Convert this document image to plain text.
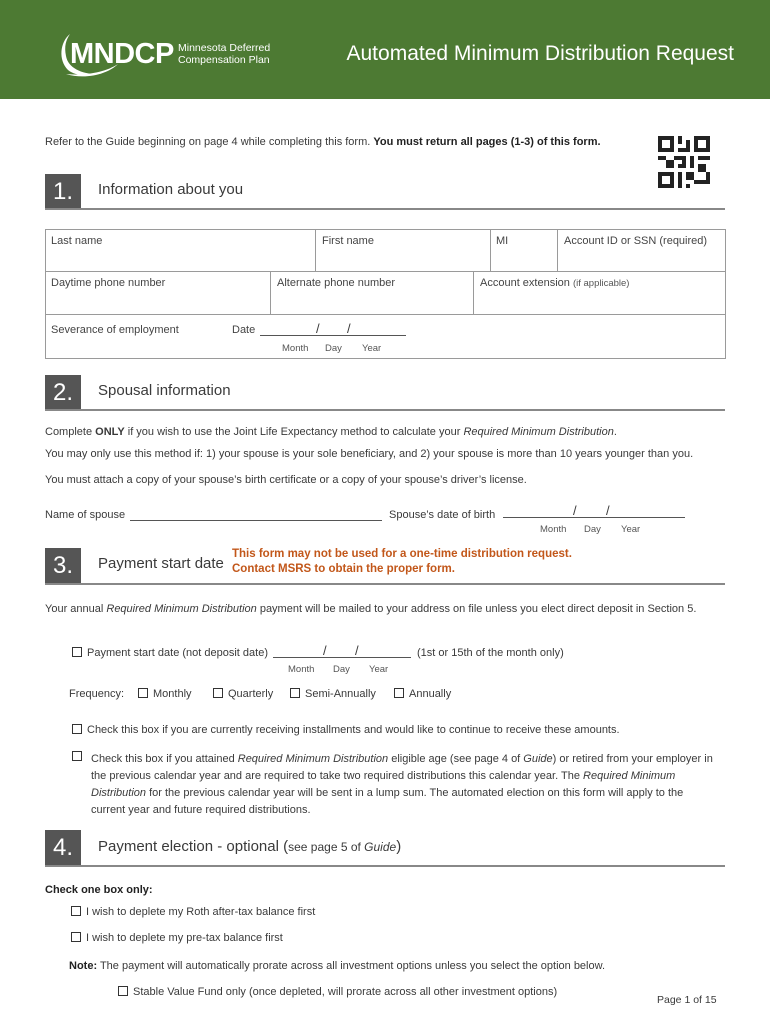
MNDCP Minnesota Deferred
Compensation Plan	Automated Minimum Distribution Request
Refer to the Guide beginning on page 4 while completing this form. You must return all pages (1-3) of this form.
1.	Information about you
Last name	First name	MI	Account ID or SSN (required)
Daytime phone number	Alternate phone number	Account extension (if applicable)
Severance of employment	Date	/ /
Month Day Year
2.	Spousal information
Complete ONLY if you wish to use the Joint Life Expectancy method to calculate your Required Minimum Distribution.
You may only use this method if: 1) your spouse is your sole beneficiary, and 2) your spouse is more than 10 years younger than you.
You must attach a copy of your spouse’s birth certificate or a copy of your spouse’s driver’s license.
Name of spouse	Spouse’s date of birth	/ /
Month Day Year
3.	Payment start date
This form may not be used for a one-time distribution request.
Contact MSRS to obtain the proper form.
Your annual Required Minimum Distribution payment will be mailed to your address on file unless you elect direct deposit in Section 5.
Payment start date (not deposit date)	/ /	(1st or 15th of the month only)
Month Day Year
Frequency:	Monthly	Quarterly	Semi-Annually	Annually
Check this box if you are currently receiving installments and would like to continue to receive these amounts.
Check this box if you attained Required Minimum Distribution eligible age (see page 4 of Guide) or retired from your employer in
the previous calendar year and are required to take two required distributions this calendar year. The Required Minimum
Distribution for the previous calendar year will be sent in a lump sum. The automated election on this form will apply to the
current year and future required distributions.
4.	Payment election - optional (see page 5 of Guide)
Check one box only:
I wish to deplete my Roth after-tax balance first
I wish to deplete my pre-tax balance first
Note: The payment will automatically prorate across all investment options unless you select the option below.
Stable Value Fund only (once depleted, will prorate across all other investment options)
Page 1 of 15
